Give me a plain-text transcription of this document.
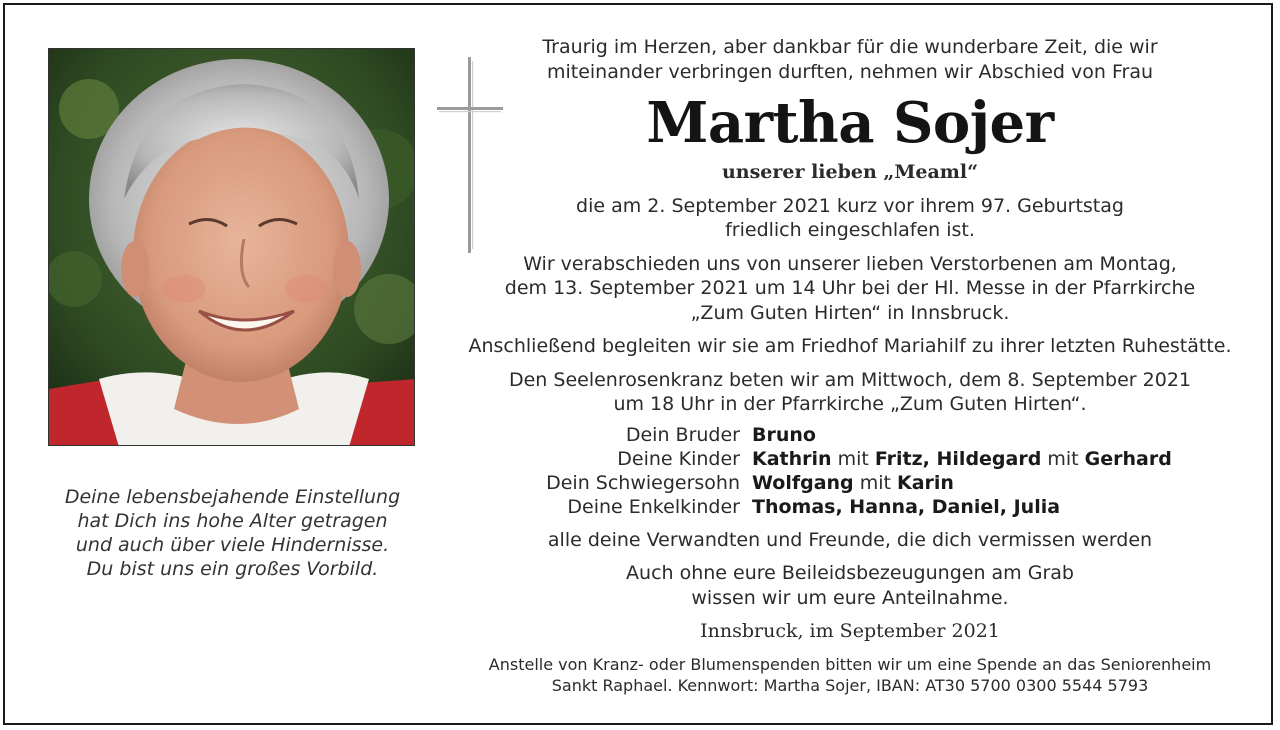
Deine lebensbejahende Einstellung
hat Dich ins hohe Alter getragen
und auch über viele Hindernisse.
Du bist uns ein großes Vorbild.
Traurig im Herzen, aber dankbar für die wunderbare Zeit, die wir
miteinander verbringen durften, nehmen wir Abschied von Frau
Martha Sojer
unserer lieben „Meaml“
die am 2. September 2021 kurz vor ihrem 97. Geburtstag
friedlich eingeschlafen ist.
Wir verabschieden uns von unserer lieben Verstorbenen am Montag,
dem 13. September 2021 um 14 Uhr bei der Hl. Messe in der Pfarrkirche
„Zum Guten Hirten“ in Innsbruck.
Anschließend begleiten wir sie am Friedhof Mariahilf zu ihrer letzten Ruhestätte.
Den Seelenrosenkranz beten wir am Mittwoch, dem 8. September 2021
um 18 Uhr in der Pfarrkirche „Zum Guten Hirten“.
Dein Bruder Bruno
Deine Kinder Kathrin mit Fritz, Hildegard mit Gerhard
Dein Schwiegersohn Wolfgang mit Karin
Deine Enkelkinder Thomas, Hanna, Daniel, Julia
alle deine Verwandten und Freunde, die dich vermissen werden
Auch ohne eure Beileidsbezeugungen am Grab
wissen wir um eure Anteilnahme.
Innsbruck, im September 2021
Anstelle von Kranz- oder Blumenspenden bitten wir um eine Spende an das Seniorenheim
Sankt Raphael. Kennwort: Martha Sojer, IBAN: AT30 5700 0300 5544 5793
